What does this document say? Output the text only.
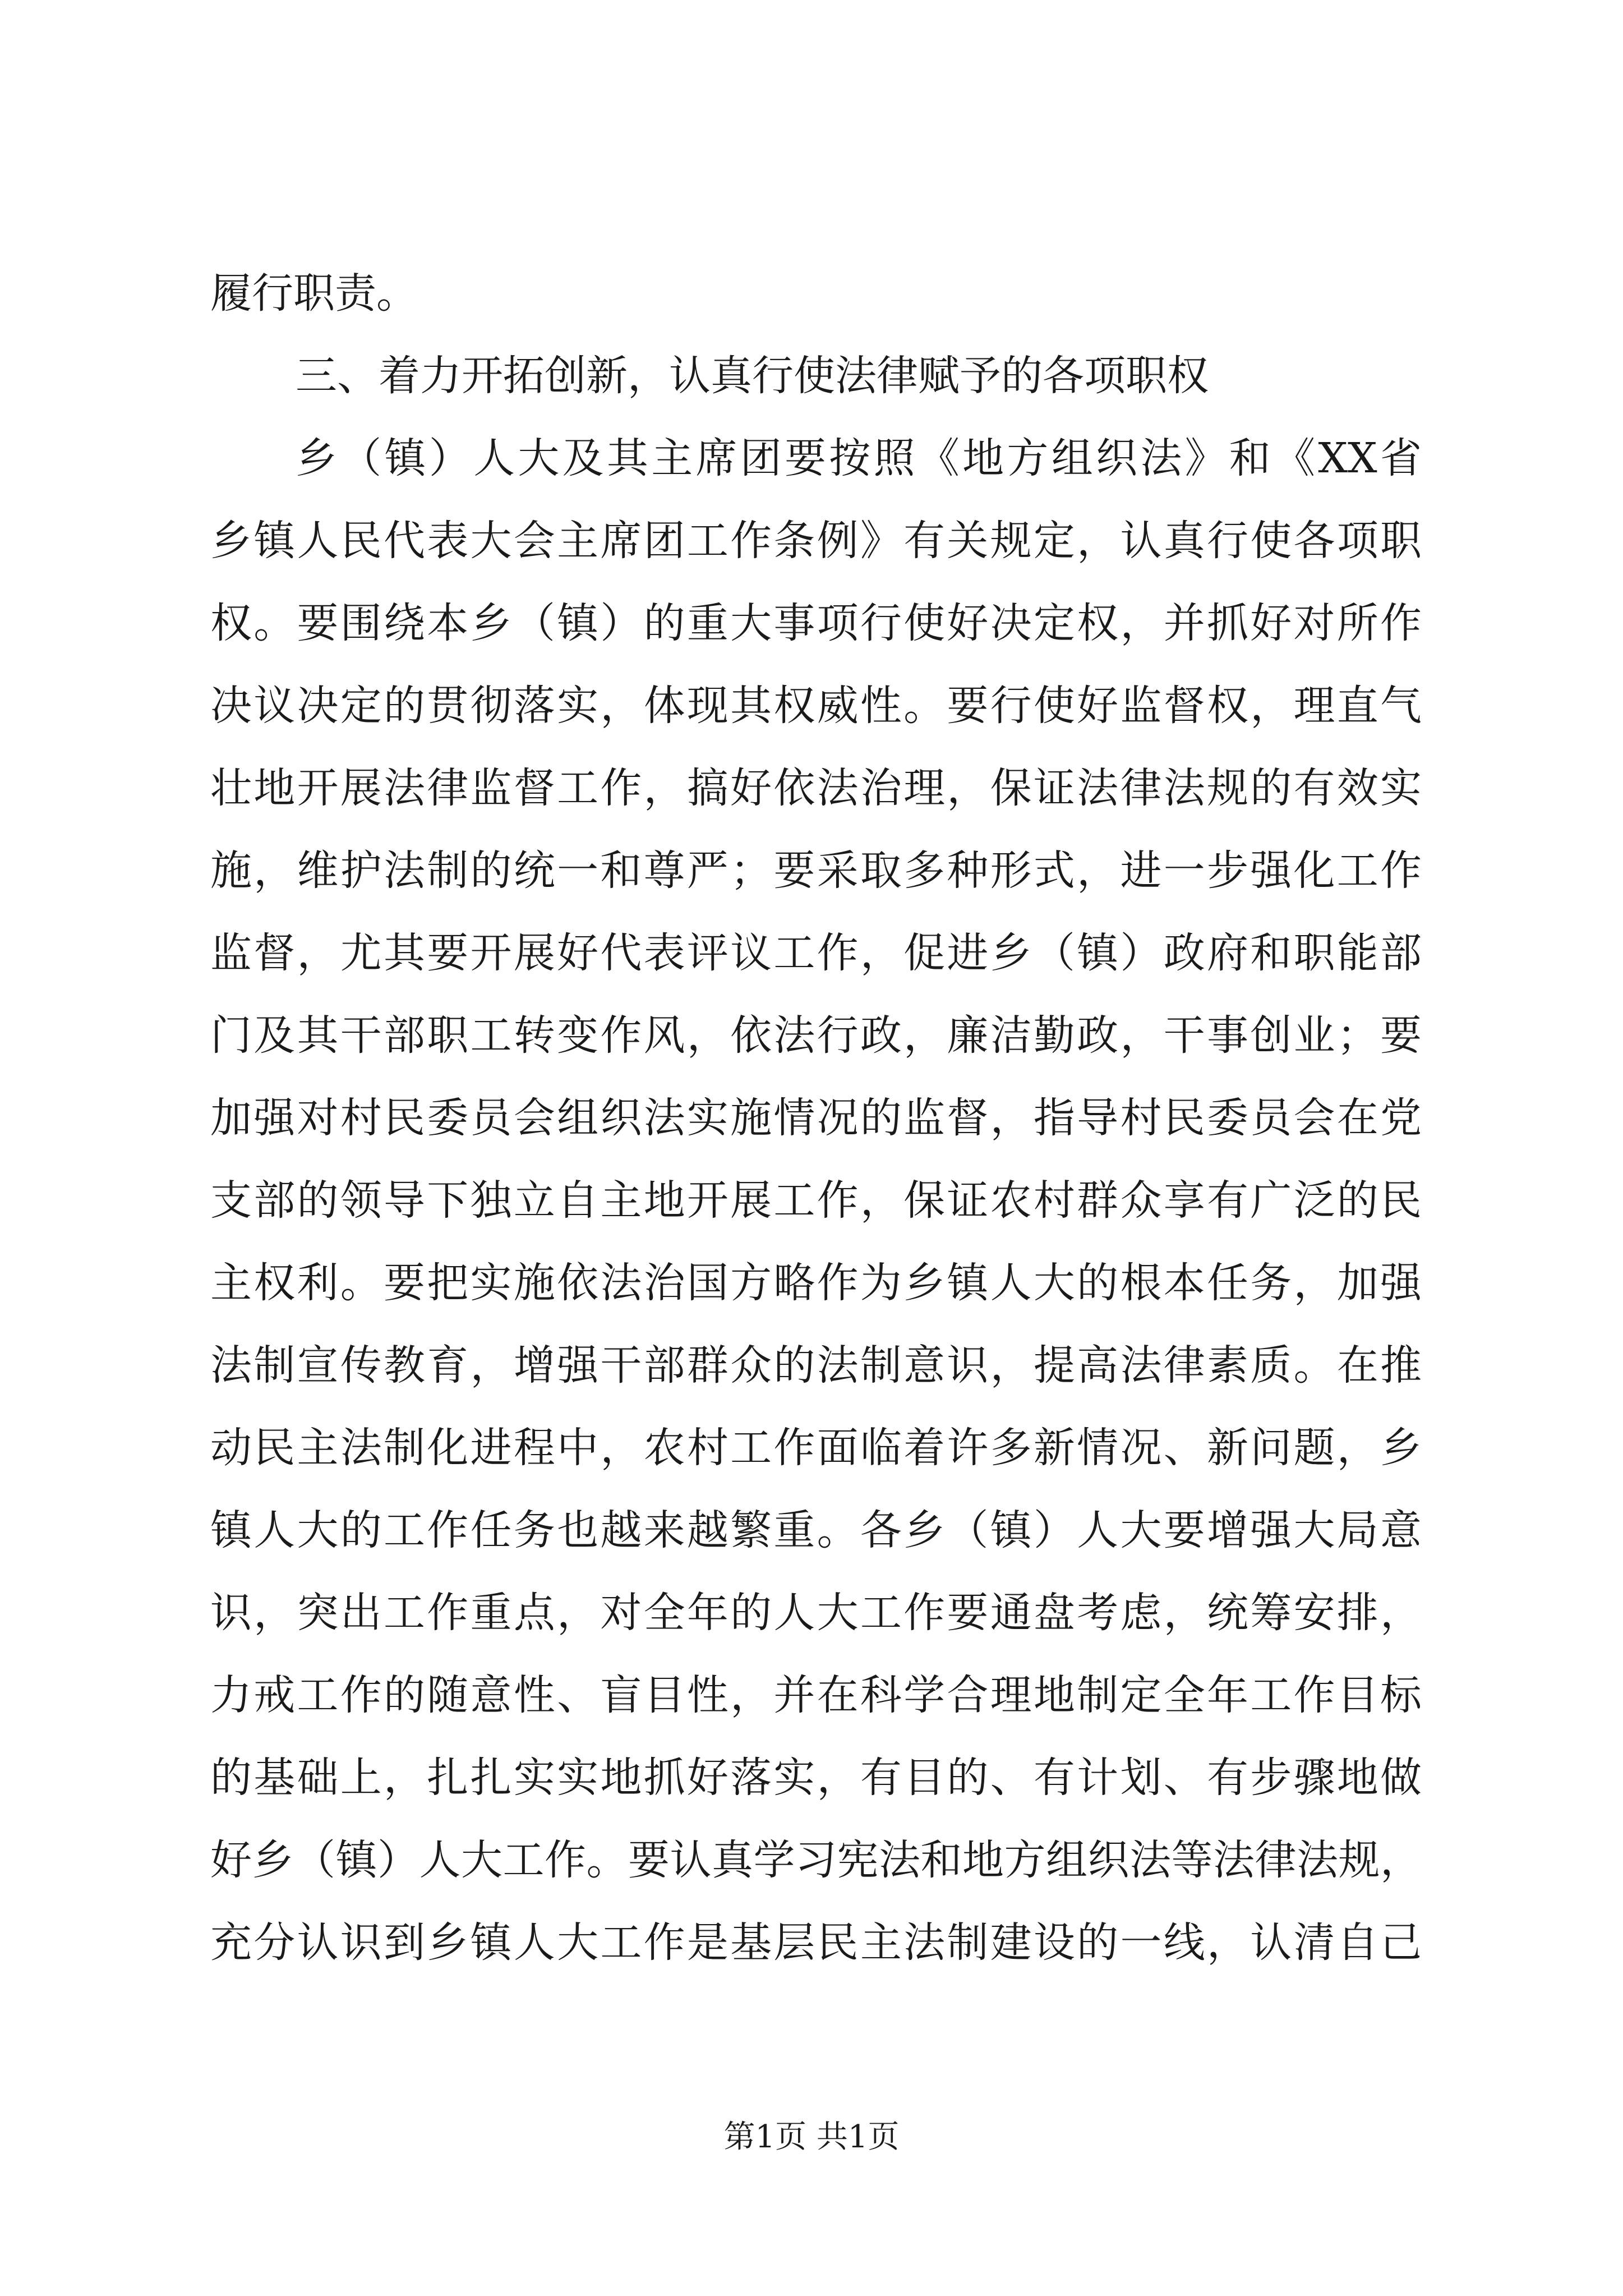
履行职责。
三、着力开拓创新，认真行使法律赋予的各项职权
乡（镇）人大及其主席团要按照《地方组织法》和《XX省
乡镇人民代表大会主席团工作条例》有关规定，认真行使各项职
权。要围绕本乡（镇）的重大事项行使好决定权，并抓好对所作
决议决定的贯彻落实，体现其权威性。要行使好监督权，理直气
壮地开展法律监督工作，搞好依法治理，保证法律法规的有效实
施，维护法制的统一和尊严；要采取多种形式，进一步强化工作
监督，尤其要开展好代表评议工作，促进乡（镇）政府和职能部
门及其干部职工转变作风，依法行政，廉洁勤政，干事创业；要
加强对村民委员会组织法实施情况的监督，指导村民委员会在党
支部的领导下独立自主地开展工作，保证农村群众享有广泛的民
主权利。要把实施依法治国方略作为乡镇人大的根本任务，加强
法制宣传教育，增强干部群众的法制意识，提高法律素质。在推
动民主法制化进程中，农村工作面临着许多新情况、新问题，乡
镇人大的工作任务也越来越繁重。各乡（镇）人大要增强大局意
识，突出工作重点，对全年的人大工作要通盘考虑，统筹安排，
力戒工作的随意性、盲目性，并在科学合理地制定全年工作目标
的基础上，扎扎实实地抓好落实，有目的、有计划、有步骤地做
好乡（镇）人大工作。要认真学习宪法和地方组织法等法律法规，
充分认识到乡镇人大工作是基层民主法制建设的一线，认清自己
第1页 共1页
